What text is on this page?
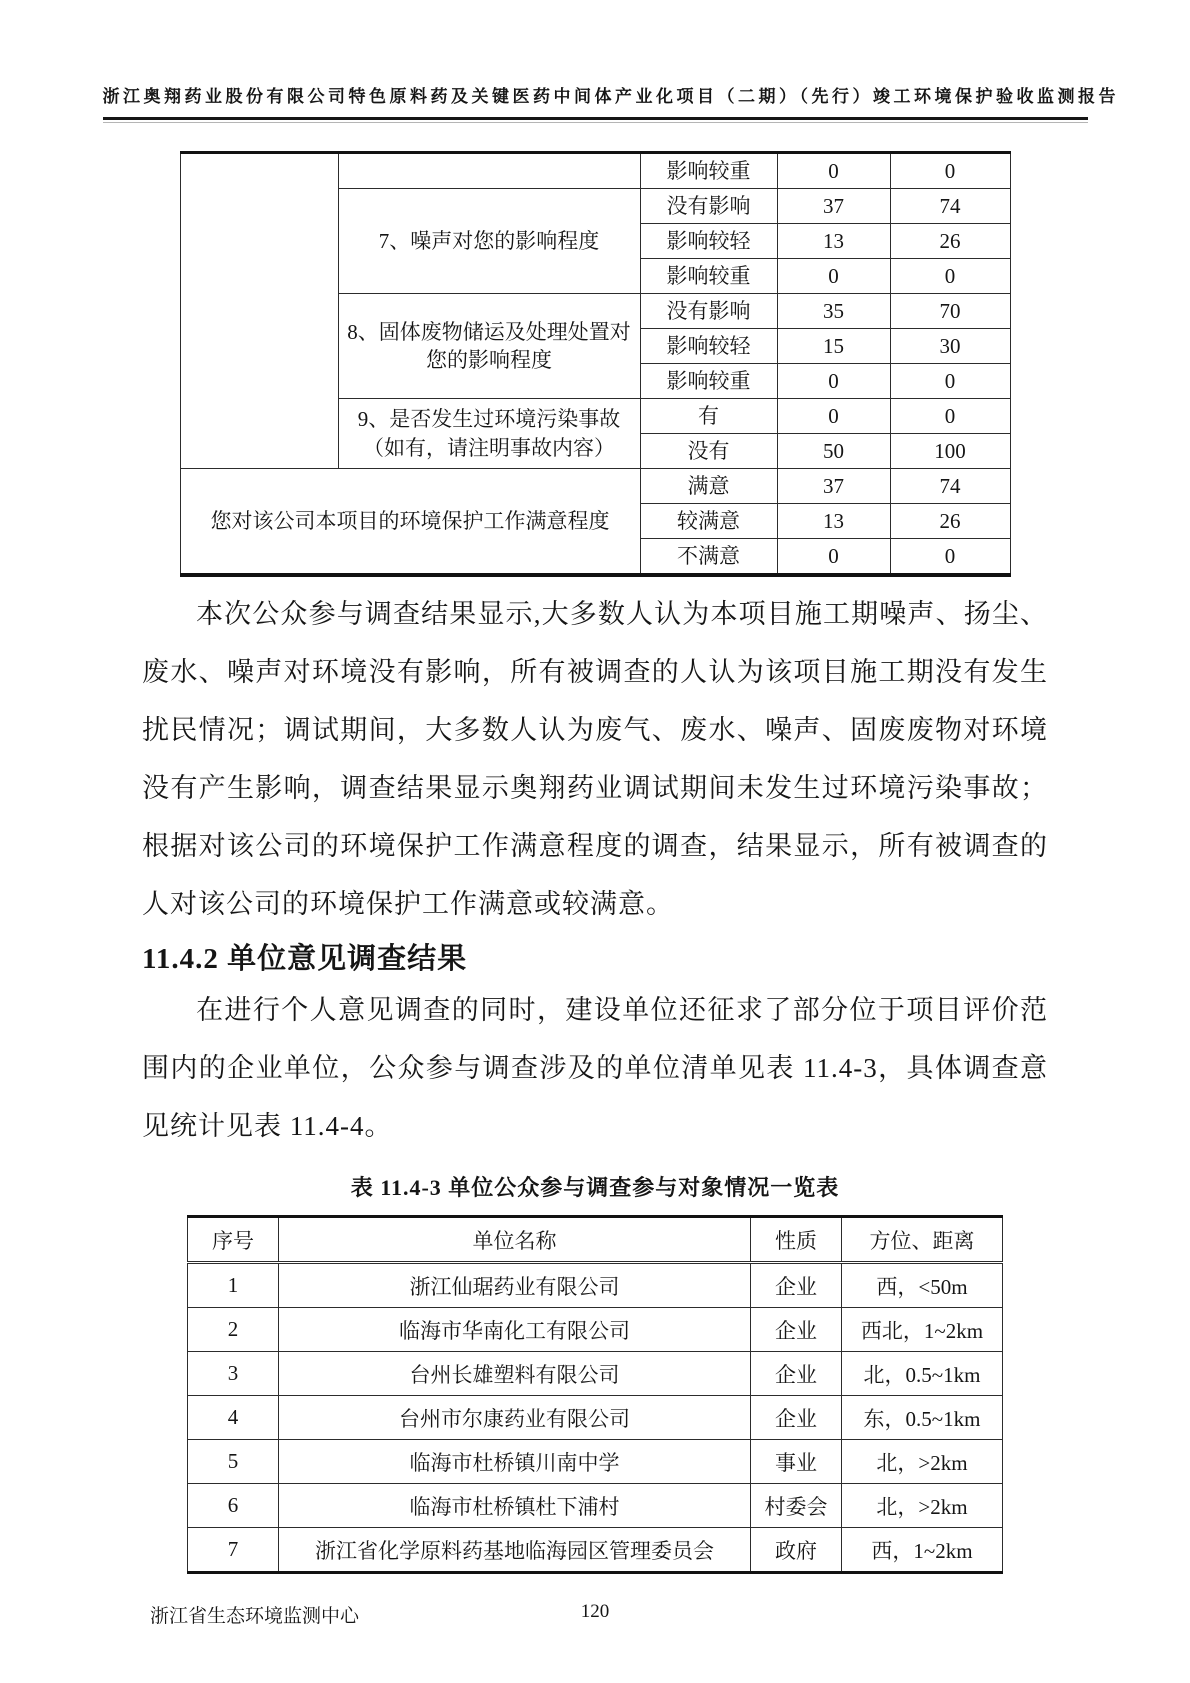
浙江奥翔药业股份有限公司特色原料药及关键医药中间体产业化项目（二期）（先行）竣工环境保护验收监测报告
		影响较重	0	0
	7、噪声对您的影响程度	没有影响	37	74
		影响较轻	13	26
		影响较重	0	0
	8、固体废物储运及处理处置对您的影响程度	没有影响	35	70
		影响较轻	15	30
		影响较重	0	0
	9、是否发生过环境污染事故（如有，请注明事故内容）	有	0	0
		没有	50	100
您对该公司本项目的环境保护工作满意程度		满意	37	74
		较满意	13	26
		不满意	0	0

本次公众参与调查结果显示,大多数人认为本项目施工期噪声、扬尘、废水、噪声对环境没有影响，所有被调查的人认为该项目施工期没有发生扰民情况；调试期间，大多数人认为废气、废水、噪声、固废废物对环境没有产生影响，调查结果显示奥翔药业调试期间未发生过环境污染事故；根据对该公司的环境保护工作满意程度的调查，结果显示，所有被调查的人对该公司的环境保护工作满意或较满意。

11.4.2 单位意见调查结果

在进行个人意见调查的同时，建设单位还征求了部分位于项目评价范围内的企业单位，公众参与调查涉及的单位清单见表 11.4-3，具体调查意见统计见表 11.4-4。

表 11.4-3 单位公众参与调查参与对象情况一览表
序号	单位名称	性质	方位、距离
1	浙江仙琚药业有限公司	企业	西，<50m
2	临海市华南化工有限公司	企业	西北，1~2km
3	台州长雄塑料有限公司	企业	北，0.5~1km
4	台州市尔康药业有限公司	企业	东，0.5~1km
5	临海市杜桥镇川南中学	事业	北，>2km
6	临海市杜桥镇杜下浦村	村委会	北，>2km
7	浙江省化学原料药基地临海园区管理委员会	政府	西，1~2km
浙江省生态环境监测中心	120
